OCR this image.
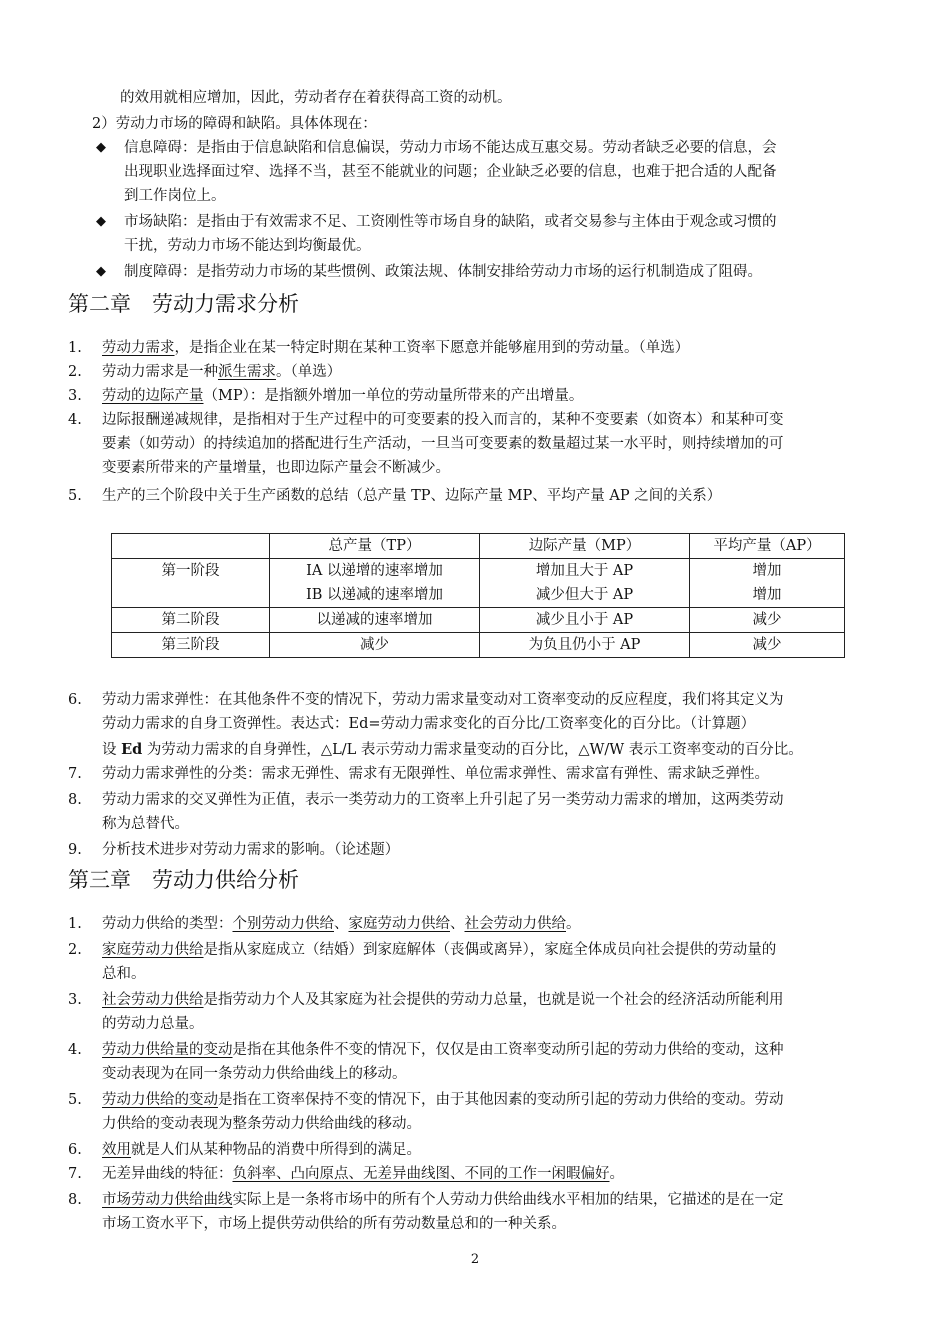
的效用就相应增加，因此，劳动者存在着获得高工资的动机。
2）劳动力市场的障碍和缺陷。具体体现在：
◆ 信息障碍：是指由于信息缺陷和信息偏误，劳动力市场不能达成互惠交易。劳动者缺乏必要的信息，会
出现职业选择面过窄、选择不当，甚至不能就业的问题；企业缺乏必要的信息，也难于把合适的人配备
到工作岗位上。
◆ 市场缺陷：是指由于有效需求不足、工资刚性等市场自身的缺陷，或者交易参与主体由于观念或习惯的
干扰，劳动力市场不能达到均衡最优。
◆ 制度障碍：是指劳动力市场的某些惯例、政策法规、体制安排给劳动力市场的运行机制造成了阻碍。
第二章　劳动力需求分析
1. 劳动力需求，是指企业在某一特定时期在某种工资率下愿意并能够雇用到的劳动量。（单选）
2. 劳动力需求是一种派生需求。（单选）
3. 劳动的边际产量（MP）：是指额外增加一单位的劳动量所带来的产出增量。
4. 边际报酬递减规律，是指相对于生产过程中的可变要素的投入而言的，某种不变要素（如资本）和某种可变
要素（如劳动）的持续追加的搭配进行生产活动，一旦当可变要素的数量超过某一水平时，则持续增加的可
变要素所带来的产量增量，也即边际产量会不断减少。
5. 生产的三个阶段中关于生产函数的总结（总产量 TP、边际产量 MP、平均产量 AP 之间的关系）
	总产量（TP）	边际产量（MP）	平均产量（AP）
第一阶段	IA 以递增的速率增加	增加且大于 AP	增加
	IB 以递减的速率增加	减少但大于 AP	增加
第二阶段	以递减的速率增加	减少且小于 AP	减少
第三阶段	减少	为负且仍小于 AP	减少
6. 劳动力需求弹性：在其他条件不变的情况下，劳动力需求量变动对工资率变动的反应程度，我们将其定义为
劳动力需求的自身工资弹性。表达式：Ed=劳动力需求变化的百分比/工资率变化的百分比。（计算题）
设 Ed 为劳动力需求的自身弹性，△L/L 表示劳动力需求量变动的百分比，△W/W 表示工资率变动的百分比。
7. 劳动力需求弹性的分类：需求无弹性、需求有无限弹性、单位需求弹性、需求富有弹性、需求缺乏弹性。
8. 劳动力需求的交叉弹性为正值，表示一类劳动力的工资率上升引起了另一类劳动力需求的增加，这两类劳动
称为总替代。
9. 分析技术进步对劳动力需求的影响。（论述题）
第三章　劳动力供给分析
1. 劳动力供给的类型：个别劳动力供给、家庭劳动力供给、社会劳动力供给。
2. 家庭劳动力供给是指从家庭成立（结婚）到家庭解体（丧偶或离异），家庭全体成员向社会提供的劳动量的
总和。
3. 社会劳动力供给是指劳动力个人及其家庭为社会提供的劳动力总量，也就是说一个社会的经济活动所能利用
的劳动力总量。
4. 劳动力供给量的变动是指在其他条件不变的情况下，仅仅是由工资率变动所引起的劳动力供给的变动，这种
变动表现为在同一条劳动力供给曲线上的移动。
5. 劳动力供给的变动是指在工资率保持不变的情况下，由于其他因素的变动所引起的劳动力供给的变动。劳动
力供给的变动表现为整条劳动力供给曲线的移动。
6. 效用就是人们从某种物品的消费中所得到的满足。
7. 无差异曲线的特征：负斜率、凸向原点、无差异曲线图、不同的工作一闲暇偏好。
8. 市场劳动力供给曲线实际上是一条将市场中的所有个人劳动力供给曲线水平相加的结果，它描述的是在一定
市场工资水平下，市场上提供劳动供给的所有劳动数量总和的一种关系。
2
